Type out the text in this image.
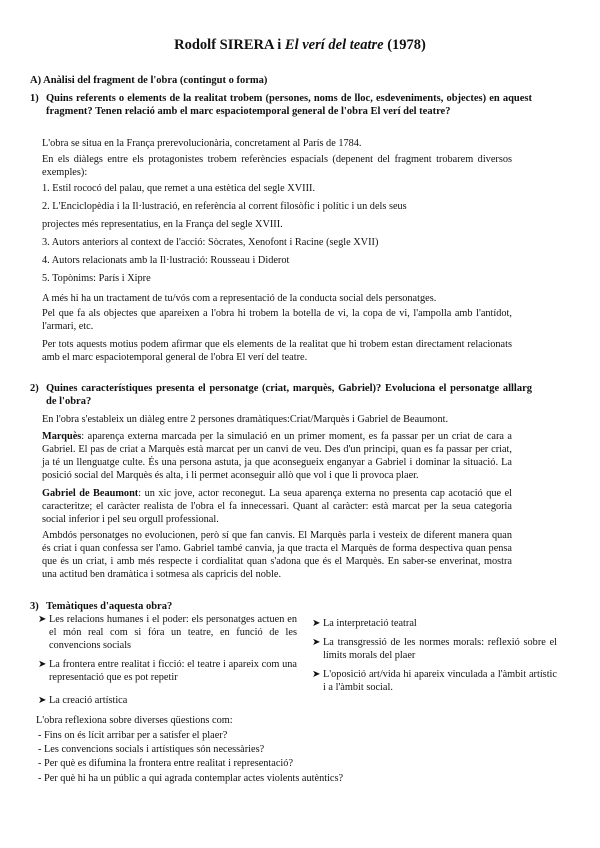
Rodolf SIRERA i El verí del teatre (1978)
A) Anàlisi del fragment de l'obra (contingut o forma)
1) Quins referents o elements de la realitat trobem (persones, noms de lloc, esdeveniments, objectes) en aquest fragment? Tenen relació amb el marc espaciotemporal general de l'obra El verí del teatre?
L'obra se situa en la França prerevolucionària, concretament al París de 1784.
En els diàlegs entre els protagonistes trobem referències espacials (depenent del fragment trobarem diversos exemples):
1. Estil rococó del palau, que remet a una estètica del segle XVIII.
2. L'Enciclopèdia i la Il·lustració, en referència al corrent filosòfic i polític i un dels seus
projectes més representatius, en la França del segle XVIII.
3. Autors anteriors al context de l'acció: Sòcrates, Xenofont i Racine (segle XVII)
4. Autors relacionats amb la Il·lustració: Rousseau i Diderot
5. Topònims: París i Xipre
A més hi ha un tractament de tu/vós com a representació de la conducta social dels personatges.
Pel que fa als objectes que apareixen a l'obra hi trobem la botella de vi, la copa de vi, l'ampolla amb l'antídot, l'armari, etc.
Per tots aquests motius podem afirmar que els elements de la realitat que hi trobem estan directament relacionats amb el marc espaciotemporal general de l'obra El verí del teatre.
2) Quines característiques presenta el personatge (criat, marquès, Gabriel)? Evoluciona el personatge alllarg de l'obra?
En l'obra s'estableix un diàleg entre 2 persones dramàtiques:Criat/Marquès i Gabriel de Beaumont.
Marquès: aparença externa marcada per la simulació en un primer moment, es fa passar per un criat de cara a Gabriel. El pas de criat a Marquès està marcat per un canvi de veu. Des d'un principi, quan es fa passar per criat, ja té un llenguatge culte. És una persona astuta, ja que aconsegueix enganyar a Gabriel i dominar la situació. La posició social del Marquès és alta, i li permet aconseguir allò que vol i que li provoca plaer.
Gabriel de Beaumont: un xic jove, actor reconegut. La seua aparença externa no presenta cap acotació que el caracteritze; el caràcter realista de l'obra el fa innecessari. Quant al caràcter: està marcat per la seua categoria social inferior i pel seu orgull professional.
Ambdós personatges no evolucionen, però sí que fan canvis. El Marquès parla i vesteix de diferent manera quan és criat i quan confessa ser l'amo. Gabriel també canvia, ja que tracta el Marquès de forma despectiva quan pensa que és un criat, i amb més respecte i cordialitat quan s'adona que és el Marquès. En saber-se enverinat, mostra una actitud ben dramàtica i sotmesa als capricis del noble.
3) Temàtiques d'aquesta obra?
➤ Les relacions humanes i el poder: els personatges actuen en el món real com si fóra un teatre, en funció de les convencions socials
➤ La frontera entre realitat i ficció: el teatre i apareix com una representació que es pot repetir
➤ La creació artística
➤ La interpretació teatral
➤ La transgressió de les normes morals: reflexió sobre el límits morals del plaer
➤ L'oposició art/vida hi apareix vinculada a l'àmbit artístic i a l'àmbit social.
L'obra reflexiona sobre diverses qüestions com:
- Fins on és lícit arribar per a satisfer el plaer?
- Les convencions socials i artístiques són necessàries?
- Per què es difumina la frontera entre realitat i representació?
- Per què hi ha un públic a qui agrada contemplar actes violents autèntics?
